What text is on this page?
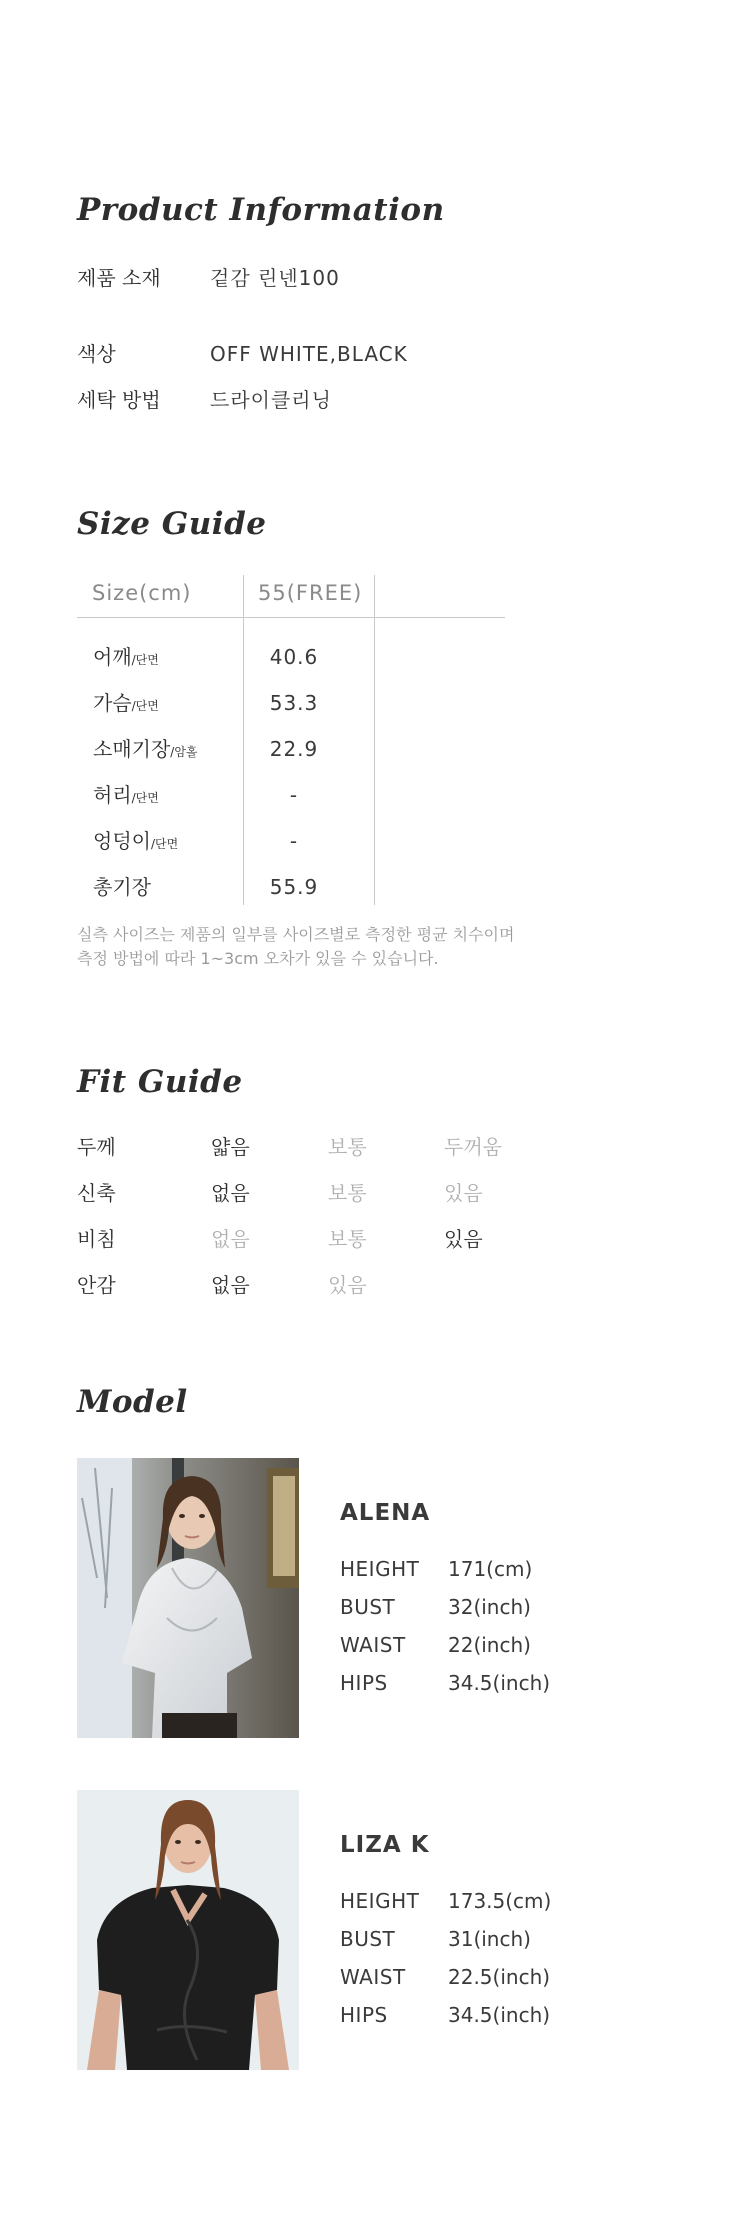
Product Information
제품 소재	겉감 린넨100
색상	OFF WHITE,BLACK
세탁 방법	드라이클리닝
Size Guide
Size(cm)	55(FREE)
어깨/단면	40.6
가슴/단면	53.3
소매기장/암홀	22.9
허리/단면	-
엉덩이/단면	-
총기장	55.9
실측 사이즈는 제품의 일부를 사이즈별로 측정한 평균 치수이며
측정 방법에 따라 1~3cm 오차가 있을 수 있습니다.
Fit Guide
두께	얇음	보통	두꺼움
신축	없음	보통	있음
비침	없음	보통	있음
안감	없음	있음
Model
ALENA
HEIGHT 171(cm)
BUST	32(inch)
WAIST 22(inch)
HIPS	34.5(inch)
LIZA K
HEIGHT 173.5(cm)
BUST	31(inch)
WAIST 22.5(inch)
HIPS	34.5(inch)
